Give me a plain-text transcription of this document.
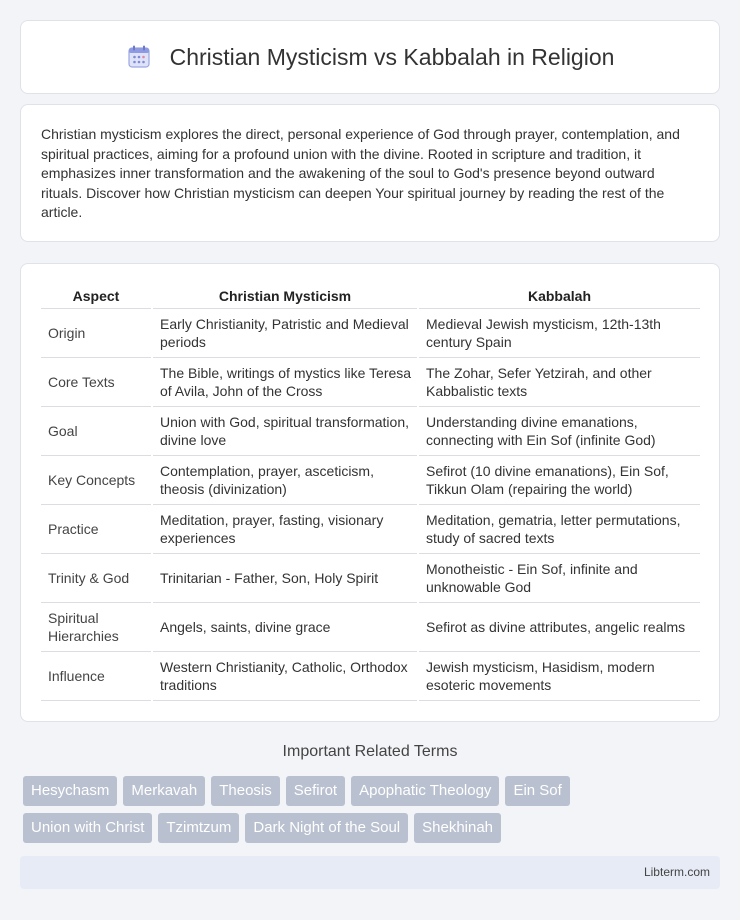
Christian Mysticism vs Kabbalah in Religion

Christian mysticism explores the direct, personal experience of God through prayer, contemplation, and spiritual practices, aiming for a profound union with the divine. Rooted in scripture and tradition, it emphasizes inner transformation and the awakening of the soul to God's presence beyond outward rituals. Discover how Christian mysticism can deepen Your spiritual journey by reading the rest of the article.

Aspect	Christian Mysticism	Kabbalah
Origin	Early Christianity, Patristic and Medieval periods	Medieval Jewish mysticism, 12th-13th century Spain
Core Texts	The Bible, writings of mystics like Teresa of Avila, John of the Cross	The Zohar, Sefer Yetzirah, and other Kabbalistic texts
Goal	Union with God, spiritual transformation, divine love	Understanding divine emanations, connecting with Ein Sof (infinite God)
Key Concepts	Contemplation, prayer, asceticism, theosis (divinization)	Sefirot (10 divine emanations), Ein Sof, Tikkun Olam (repairing the world)
Practice	Meditation, prayer, fasting, visionary experiences	Meditation, gematria, letter permutations, study of sacred texts
Trinity & God	Trinitarian - Father, Son, Holy Spirit	Monotheistic - Ein Sof, infinite and unknowable God
Spiritual Hierarchies	Angels, saints, divine grace	Sefirot as divine attributes, angelic realms
Influence	Western Christianity, Catholic, Orthodox traditions	Jewish mysticism, Hasidism, modern esoteric movements
Important Related Terms
Hesychasm	Merkavah	Theosis	Sefirot	Apophatic Theology	Ein Sof
Union with Christ	Tzimtzum	Dark Night of the Soul	Shekhinah
Libterm.com
